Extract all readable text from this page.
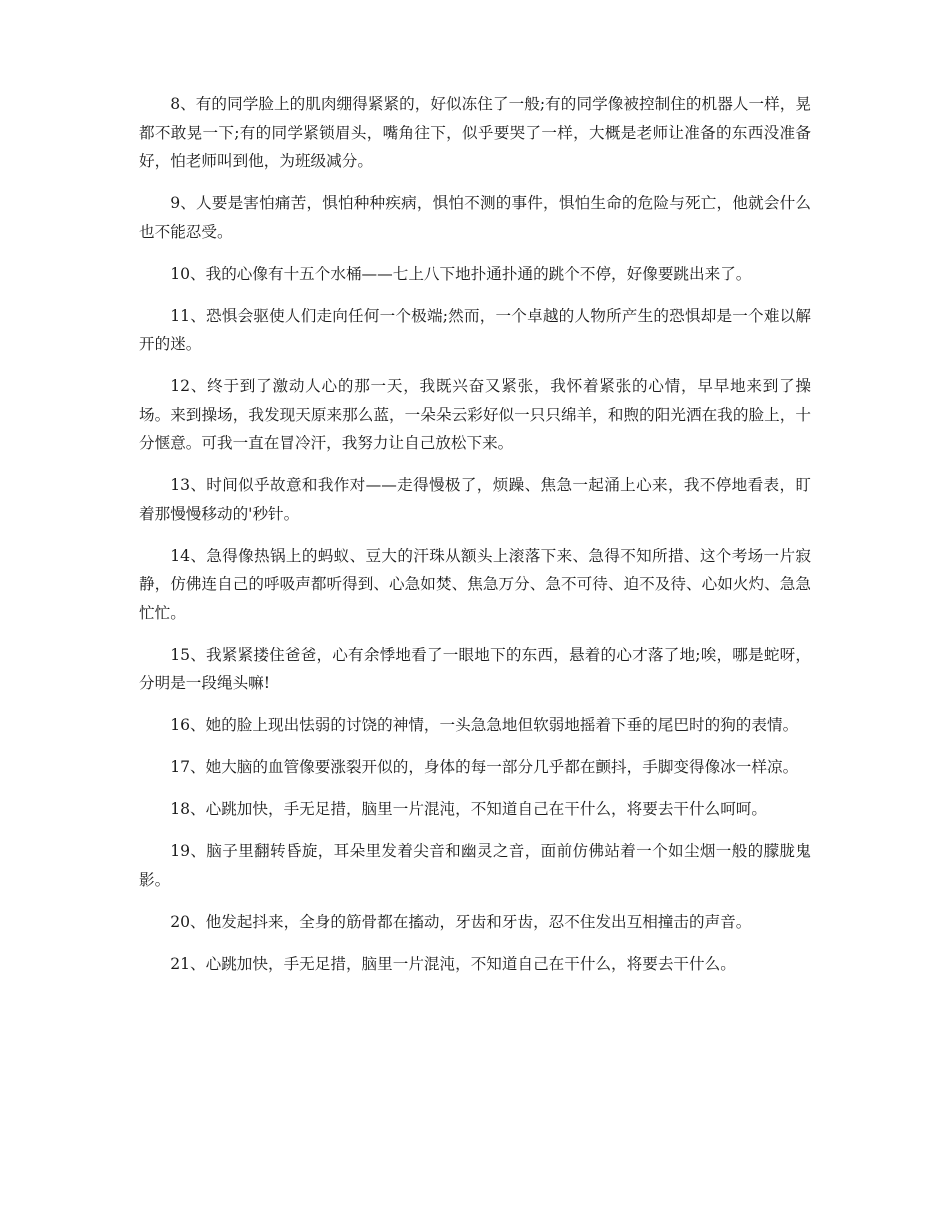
8、有的同学脸上的肌肉绷得紧紧的，好似冻住了一般;有的同学像被控制住的机器人一样，晃都不敢晃一下;有的同学紧锁眉头，嘴角往下，似乎要哭了一样，大概是老师让准备的东西没准备好，怕老师叫到他，为班级减分。

9、人要是害怕痛苦，惧怕种种疾病，惧怕不测的事件，惧怕生命的危险与死亡，他就会什么也不能忍受。

10、我的心像有十五个水桶——七上八下地扑通扑通的跳个不停，好像要跳出来了。

11、恐惧会驱使人们走向任何一个极端;然而，一个卓越的人物所产生的恐惧却是一个难以解开的迷。

12、终于到了激动人心的那一天，我既兴奋又紧张，我怀着紧张的心情，早早地来到了操场。来到操场，我发现天原来那么蓝，一朵朵云彩好似一只只绵羊，和煦的阳光洒在我的脸上，十分惬意。可我一直在冒冷汗，我努力让自己放松下来。

13、时间似乎故意和我作对——走得慢极了，烦躁、焦急一起涌上心来，我不停地看表，盯着那慢慢移动的'秒针。

14、急得像热锅上的蚂蚁、豆大的汗珠从额头上滚落下来、急得不知所措、这个考场一片寂静，仿佛连自己的呼吸声都听得到、心急如焚、焦急万分、急不可待、迫不及待、心如火灼、急急忙忙。

15、我紧紧搂住爸爸，心有余悸地看了一眼地下的东西，悬着的心才落了地;唉，哪是蛇呀，分明是一段绳头嘛!

16、她的脸上现出怯弱的讨饶的神情，一头急急地但软弱地摇着下垂的尾巴时的狗的表情。

17、她大脑的血管像要涨裂开似的，身体的每一部分几乎都在颤抖，手脚变得像冰一样凉。

18、心跳加快，手无足措，脑里一片混沌，不知道自己在干什么，将要去干什么呵呵。

19、脑子里翻转昏旋，耳朵里发着尖音和幽灵之音，面前仿佛站着一个如尘烟一般的朦胧鬼影。

20、他发起抖来，全身的筋骨都在搐动，牙齿和牙齿，忍不住发出互相撞击的声音。

21、心跳加快，手无足措，脑里一片混沌，不知道自己在干什么，将要去干什么。
